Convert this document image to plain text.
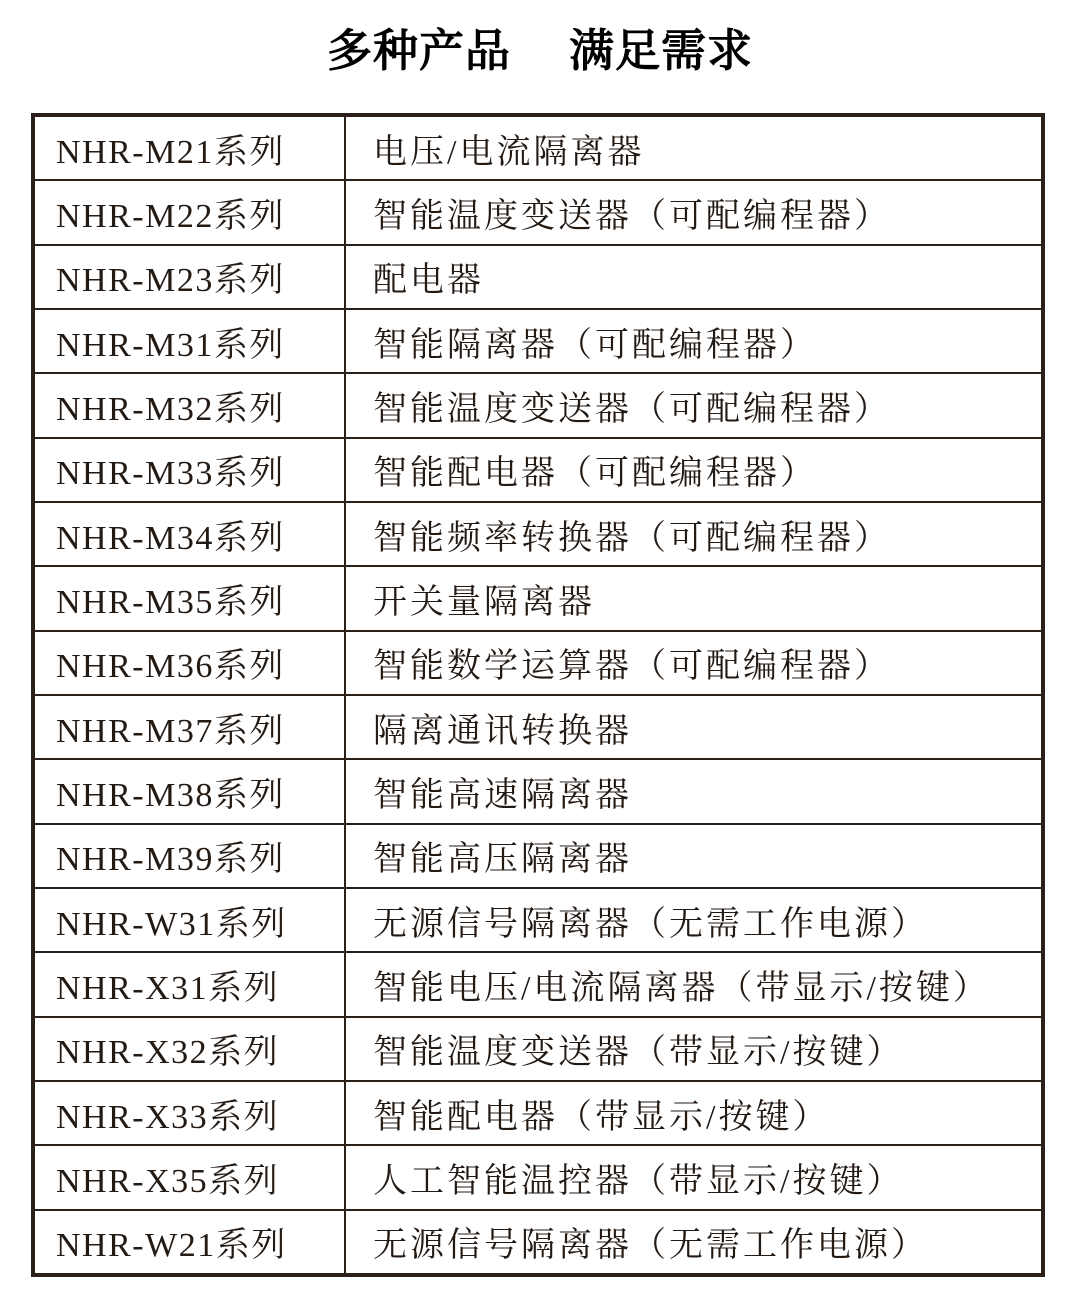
多种产品 满足需求
NHR-M21系列	电压/电流隔离器
NHR-M22系列	智能温度变送器（可配编程器）
NHR-M23系列	配电器
NHR-M31系列	智能隔离器（可配编程器）
NHR-M32系列	智能温度变送器（可配编程器）
NHR-M33系列	智能配电器（可配编程器）
NHR-M34系列	智能频率转换器（可配编程器）
NHR-M35系列	开关量隔离器
NHR-M36系列	智能数学运算器（可配编程器）
NHR-M37系列	隔离通讯转换器
NHR-M38系列	智能高速隔离器
NHR-M39系列	智能高压隔离器
NHR-W31系列	无源信号隔离器（无需工作电源）
NHR-X31系列	智能电压/电流隔离器（带显示/按键）
NHR-X32系列	智能温度变送器（带显示/按键）
NHR-X33系列	智能配电器（带显示/按键）
NHR-X35系列	人工智能温控器（带显示/按键）
NHR-W21系列	无源信号隔离器（无需工作电源）
